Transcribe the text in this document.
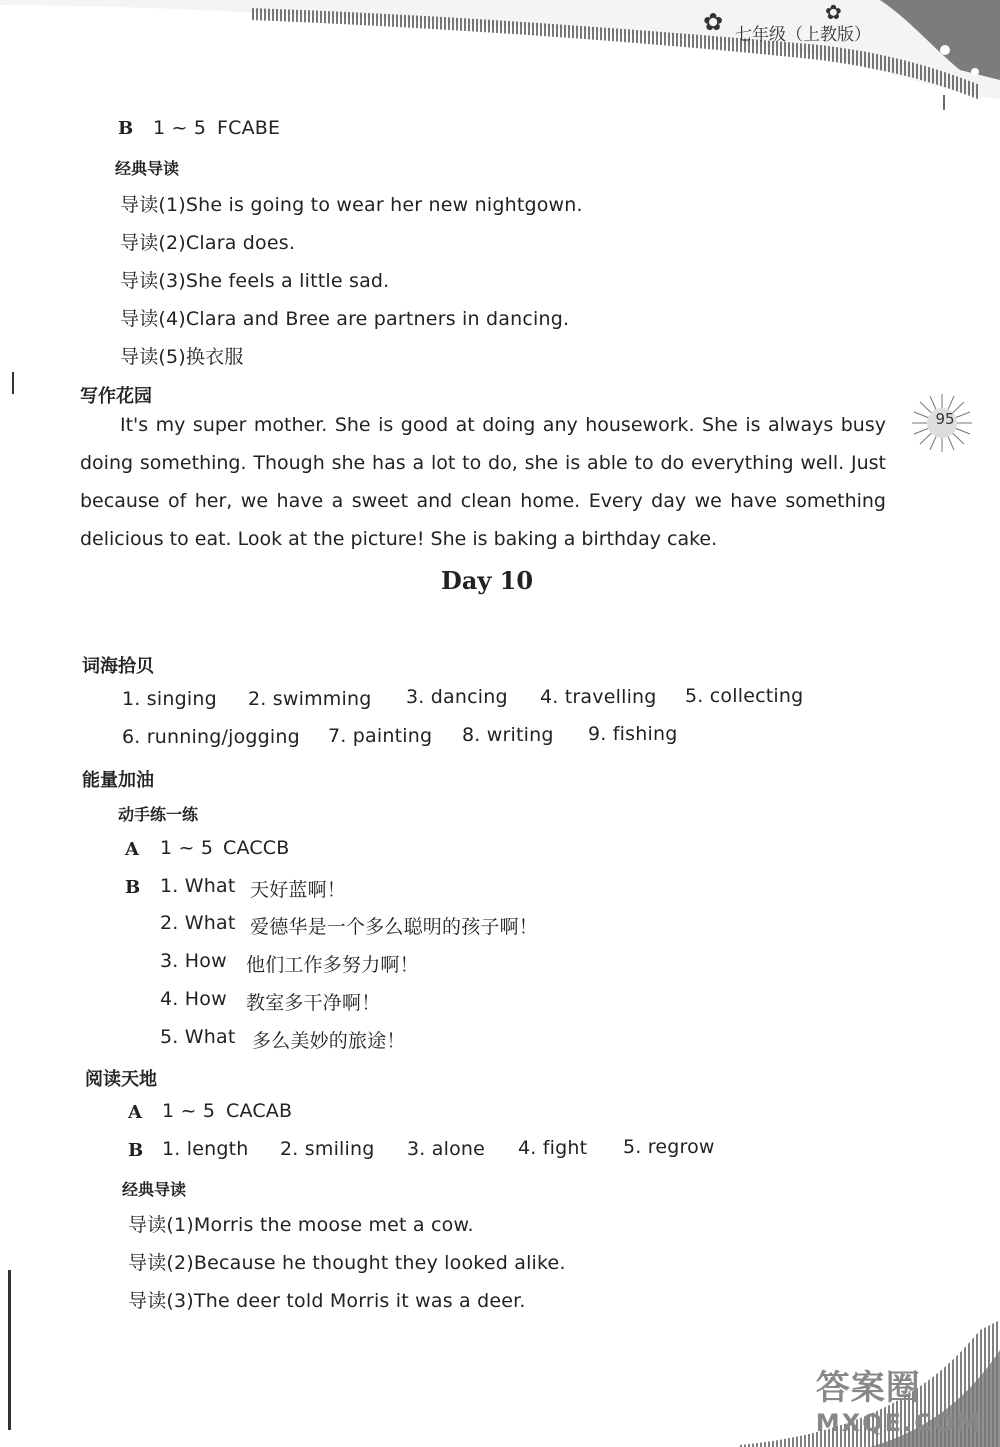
七年级（上教版）
✿	✿
95
B 1 ~ 5 FCABE
经典导读
导读(1)She is going to wear her new nightgown.
导读(2)Clara does.
导读(3)She feels a little sad.
导读(4)Clara and Bree are partners in dancing.
导读(5)换衣服
写作花园
It's my super mother. She is good at doing any housework. She is always busy
doing something. Though she has a lot to do, she is able to do everything well. Just
because of her, we have a sweet and clean home. Every day we have something
delicious to eat. Look at the picture! She is baking a birthday cake.
Day 10
词海拾贝
1. singing 2. swimming 3. dancing 4. travelling 5. collecting
6. running/jogging 7. painting 8. writing 9. fishing
能量加油
动手练一练
A 1 ~ 5 CACCB
B 1. What 天好蓝啊！
2. What 爱德华是一个多么聪明的孩子啊！
3. How 他们工作多努力啊！
4. How 教室多干净啊！
5. What 多么美妙的旅途！
阅读天地
A 1 ~ 5 CACAB
B 1. length 2. smiling 3. alone 4. fight 5. regrow
经典导读
导读(1)Morris the moose met a cow.
导读(2)Because he thought they looked alike.
导读(3)The deer told Morris it was a deer.
答案圈
MXQE.COM
